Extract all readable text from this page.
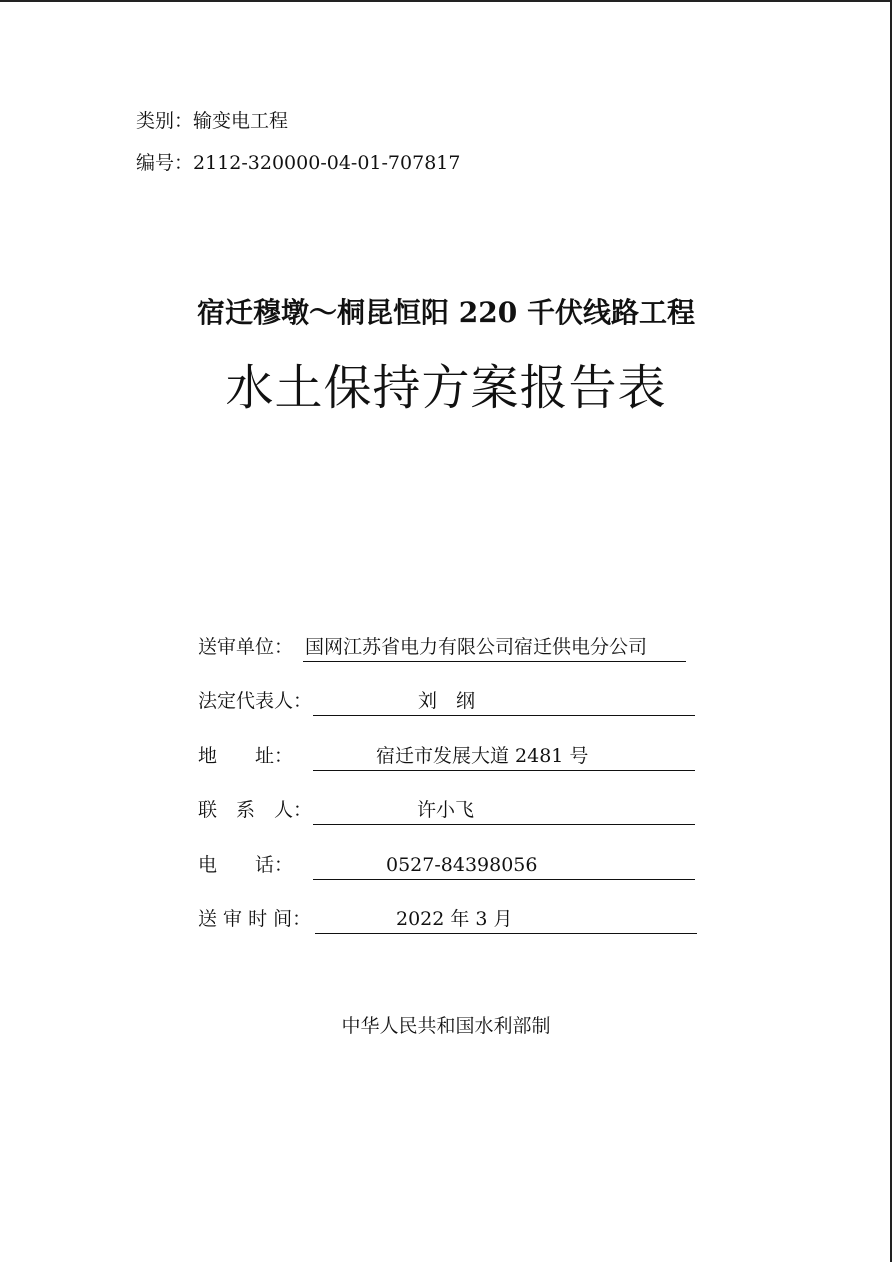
类别：输变电工程
编号：2112-320000-04-01-707817
宿迁穆墩～桐昆恒阳 220 千伏线路工程
水土保持方案报告表
送审单位： 国网江苏省电力有限公司宿迁供电分公司
法定代表人：	刘　纲
地　　址：	宿迁市发展大道 2481 号
联　系　人：	许小飞
电　　话：	0527-84398056
送 审 时 间：	2022 年 3 月
中华人民共和国水利部制
